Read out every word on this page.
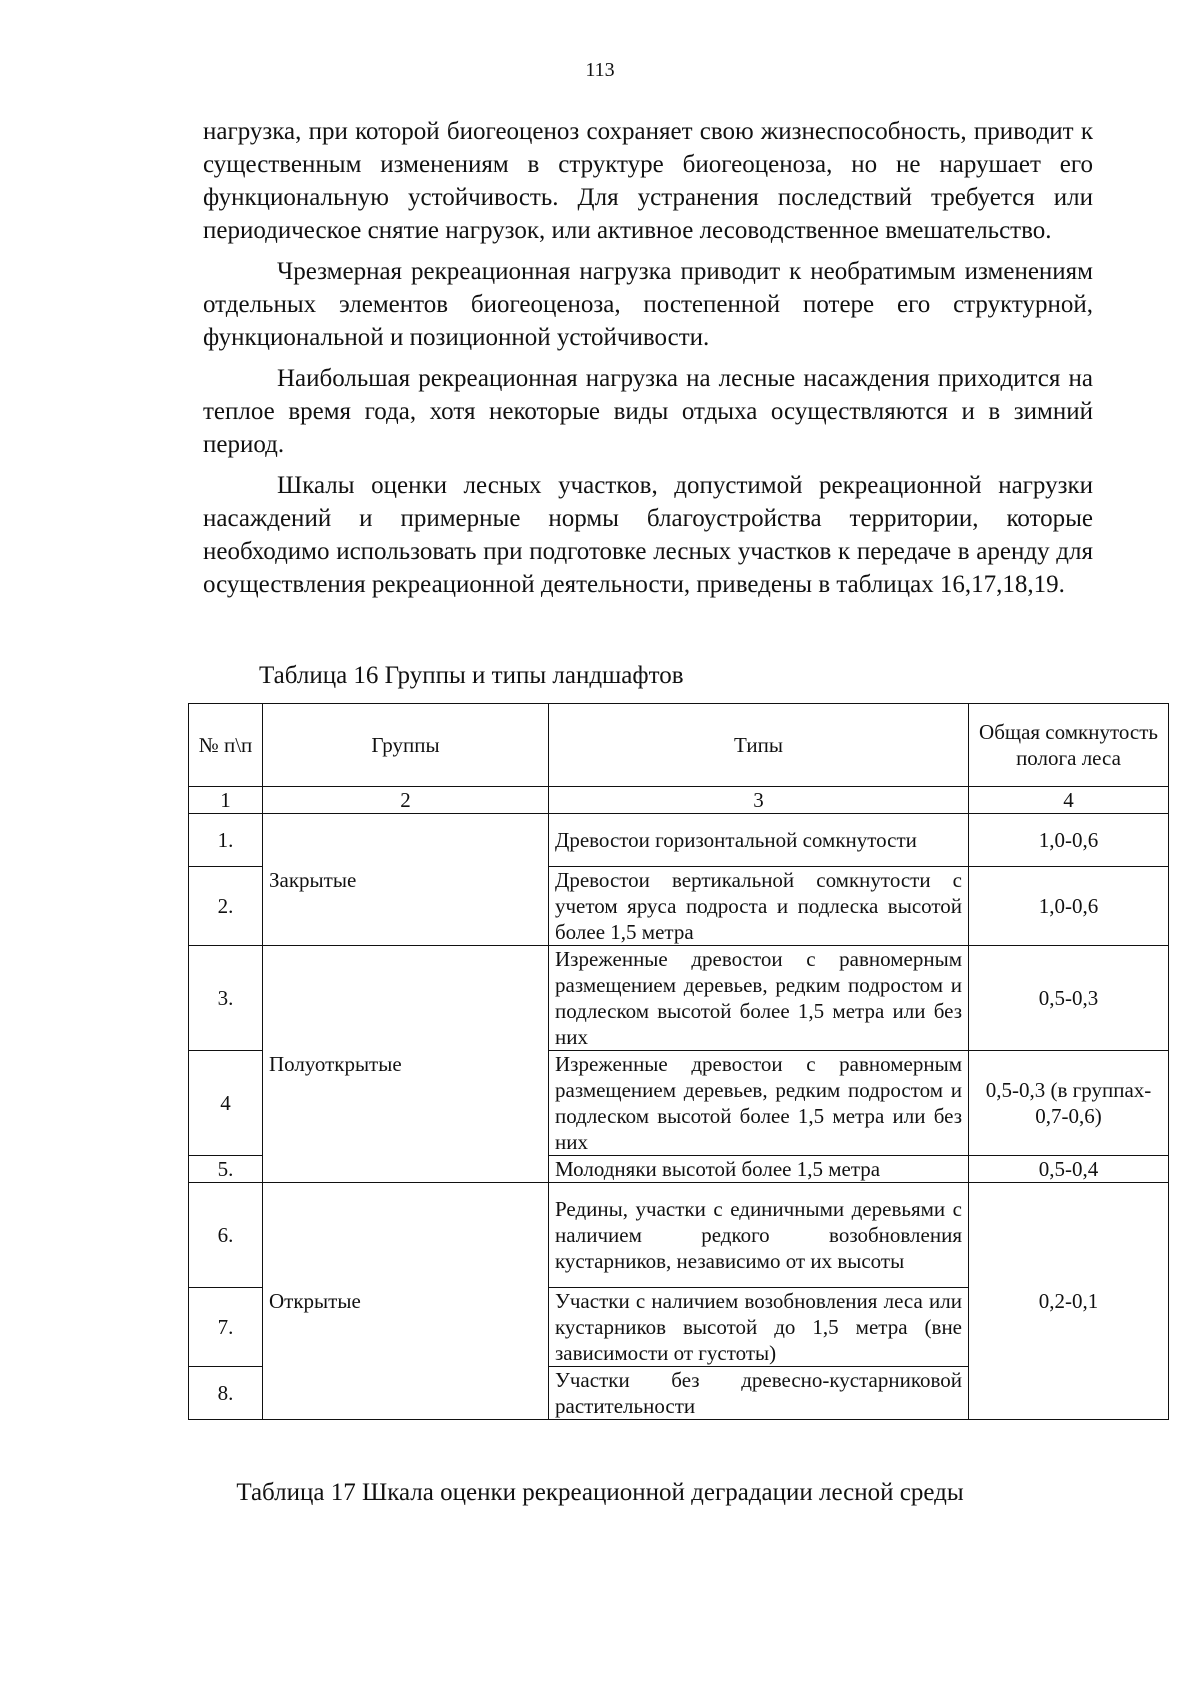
113

нагрузка, при которой биогеоценоз сохраняет свою жизнеспособность, приводит к существенным изменениям в структуре биогеоценоза, но не нарушает его функциональную устойчивость. Для устранения последствий требуется или периодическое снятие нагрузок, или активное лесоводственное вмешательство.

Чрезмерная рекреационная нагрузка приводит к необратимым изменениям отдельных элементов биогеоценоза, постепенной потере его структурной, функциональной и позиционной устойчивости.

Наибольшая рекреационная нагрузка на лесные насаждения приходится на теплое время года, хотя некоторые виды отдыха осуществляются и в зимний период.

Шкалы оценки лесных участков, допустимой рекреационной нагрузки насаждений и примерные нормы благоустройства территории, которые необходимо использовать при подготовке лесных участков к передаче в аренду для осуществления рекреационной деятельности, приведены в таблицах 16,17,18,19.

Таблица 16 Группы и типы ландшафтов
№ п\п	Группы	Типы	Общая сомкнутость полога леса
1	2	3	4
1.	Закрытые	Древостои горизонтальной сомкнутости	1,0-0,6
2.		Древостои вертикальной сомкнутости с учетом яруса подроста и подлеска высотой более 1,5 метра	1,0-0,6
3.	Полуоткрытые	Изреженные древостои с равномерным размещением деревьев, редким подростом и подлеском высотой более 1,5 метра или без них	0,5-0,3
4		Изреженные древостои с равномерным размещением деревьев, редким подростом и подлеском высотой более 1,5 метра или без них	0,5-0,3 (в группах- 0,7-0,6)
5.		Молодняки высотой более 1,5 метра	0,5-0,4
6.	Открытые	Редины, участки с единичными деревьями с наличием редкого возобновления кустарников, независимо от их высоты	0,2-0,1
7.		Участки с наличием возобновления леса или кустарников высотой до 1,5 метра (вне зависимости от густоты)	
8.		Участки без древесно-кустарниковой растительности	
Таблица 17 Шкала оценки рекреационной деградации лесной среды
